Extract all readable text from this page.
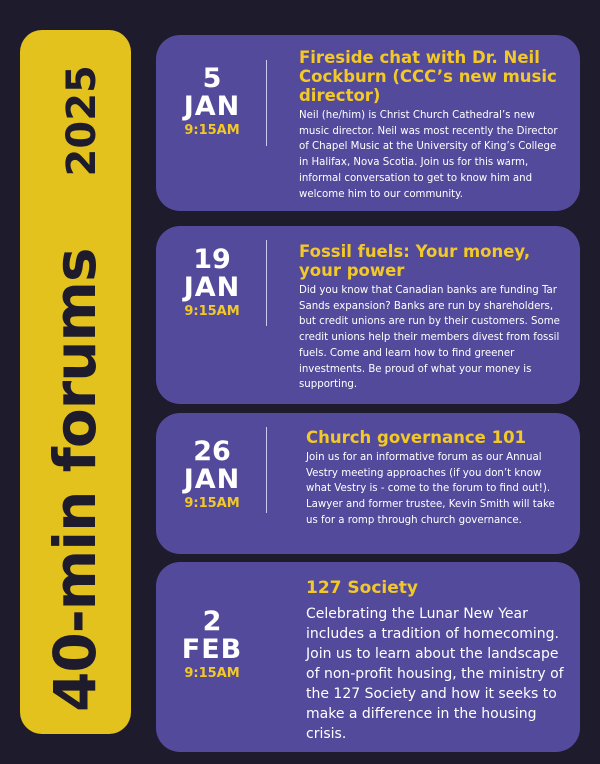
40-min forums
2025	5
JAN
9:15AM
Fireside chat with Dr. Neil Cockburn (CCC’s new music director)
Neil (he/him) is Christ Church Cathedral’s new music director. Neil was most recently the Director of Chapel Music at the University of King’s College in Halifax, Nova Scotia. Join us for this warm, informal conversation to get to know him and welcome him to our community.
19
JAN
9:15AM
Fossil fuels: Your money, your power
Did you know that Canadian banks are funding Tar Sands expansion? Banks are run by shareholders, but credit unions are run by their customers. Some credit unions help their members divest from fossil fuels. Come and learn how to find greener investments. Be proud of what your money is supporting.
26
JAN
9:15AM
Church governance 101
Join us for an informative forum as our Annual Vestry meeting approaches (if you don’t know what Vestry is - come to the forum to find out!). Lawyer and former trustee, Kevin Smith will take us for a romp through church governance.
2
FEB
9:15AM
127 Society
Celebrating the Lunar New Year includes a tradition of homecoming. Join us to learn about the landscape of non-profit housing, the ministry of the 127 Society and how it seeks to make a difference in the housing crisis.
